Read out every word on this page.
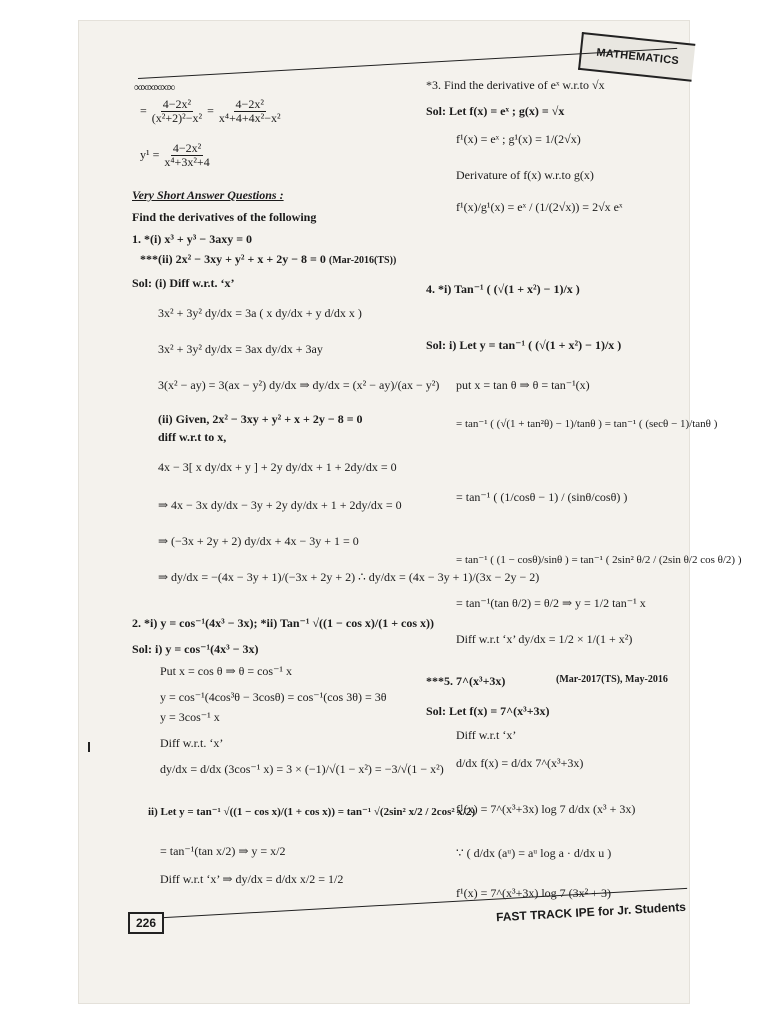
MATHEMATICS
∞∞∞∞∞∞
= $\frac{\text{4−2x²}}{\text{(x²+2)²−x²}} = \frac{\text{4−2x²}}{\text{x⁴+4+4x²−x²}}$
$y^1 = \frac{\text{4−2x²}}{\text{x⁴+3x²+4}}$
Very Short Answer Questions :
Find the derivatives of the following
1. *(i) x³ + y³ − 3axy = 0
***(ii) 2x² − 3xy + y² + x + 2y − 8 = 0 (Mar-2016(TS))
Sol: (i) Diff w.r.t. ‘x’
3x² + 3y² dy/dx = 3a ( x dy/dx + y d/dx x )
3x² + 3y² dy/dx = 3ax dy/dx + 3ay
3(x² − ay) = 3(ax − y²) dy/dx ⇒ dy/dx = (x² − ay)/(ax − y²)
(ii) Given, 2x² − 3xy + y² + x + 2y − 8 = 0
diff w.r.t to x,
4x − 3[ x dy/dx + y ] + 2y dy/dx + 1 + 2dy/dx = 0
⇒ 4x − 3x dy/dx − 3y + 2y dy/dx + 1 + 2dy/dx = 0
⇒ (−3x + 2y + 2) dy/dx + 4x − 3y + 1 = 0
⇒ dy/dx = −(4x − 3y + 1)/(−3x + 2y + 2) ∴ dy/dx = (4x − 3y + 1)/(3x − 2y − 2)
2. *i) y = cos⁻¹(4x³ − 3x); *ii) Tan⁻¹ √((1 − cos x)/(1 + cos x))
Sol: i) y = cos⁻¹(4x³ − 3x)
Put x = cos θ ⇒ θ = cos⁻¹ x
y = cos⁻¹(4cos³θ − 3cosθ) = cos⁻¹(cos 3θ) = 3θ
y = 3cos⁻¹ x
Diff w.r.t. ‘x’
dy/dx = d/dx (3cos⁻¹ x) = 3 × (−1)/√(1 − x²) = −3/√(1 − x²)
ii) Let y = tan⁻¹ √((1 − cos x)/(1 + cos x)) = tan⁻¹ √(2sin² x/2 / 2cos² x/2)
= tan⁻¹(tan x/2) ⇒ y = x/2
Diff w.r.t ‘x’ ⇒ dy/dx = d/dx x/2 = 1/2
*3. Find the derivative of eˣ w.r.to √x
Sol: Let f(x) = eˣ ; g(x) = √x
f¹(x) = eˣ ; g¹(x) = 1/(2√x)
Derivature of f(x) w.r.to g(x)
f¹(x)/g¹(x) = eˣ / (1/(2√x)) = 2√x eˣ
4. *i) Tan⁻¹ ( (√(1 + x²) − 1)/x )
Sol: i) Let y = tan⁻¹ ( (√(1 + x²) − 1)/x )
put x = tan θ ⇒ θ = tan⁻¹(x)
= tan⁻¹ ( (√(1 + tan²θ) − 1)/tanθ ) = tan⁻¹ ( (secθ − 1)/tanθ )
= tan⁻¹ ( (1/cosθ − 1) / (sinθ/cosθ) )
= tan⁻¹ ( (1 − cosθ)/sinθ ) = tan⁻¹ ( 2sin² θ/2 / (2sin θ/2 cos θ/2) )
= tan⁻¹(tan θ/2) = θ/2 ⇒ y = 1/2 tan⁻¹ x
Diff w.r.t ‘x’ dy/dx = 1/2 × 1/(1 + x²)
***5. 7^(x³+3x)	(Mar-2017(TS), May-2016
Sol: Let f(x) = 7^(x³+3x)
Diff w.r.t ‘x’
d/dx f(x) = d/dx 7^(x³+3x)
f¹(x) = 7^(x³+3x) log 7 d/dx (x³ + 3x)
∵ ( d/dx (aᵘ) = aᵘ log a · d/dx u )
f¹(x) = 7^(x³+3x) log 7 (3x² + 3)
226	FAST TRACK IPE for Jr. Students
